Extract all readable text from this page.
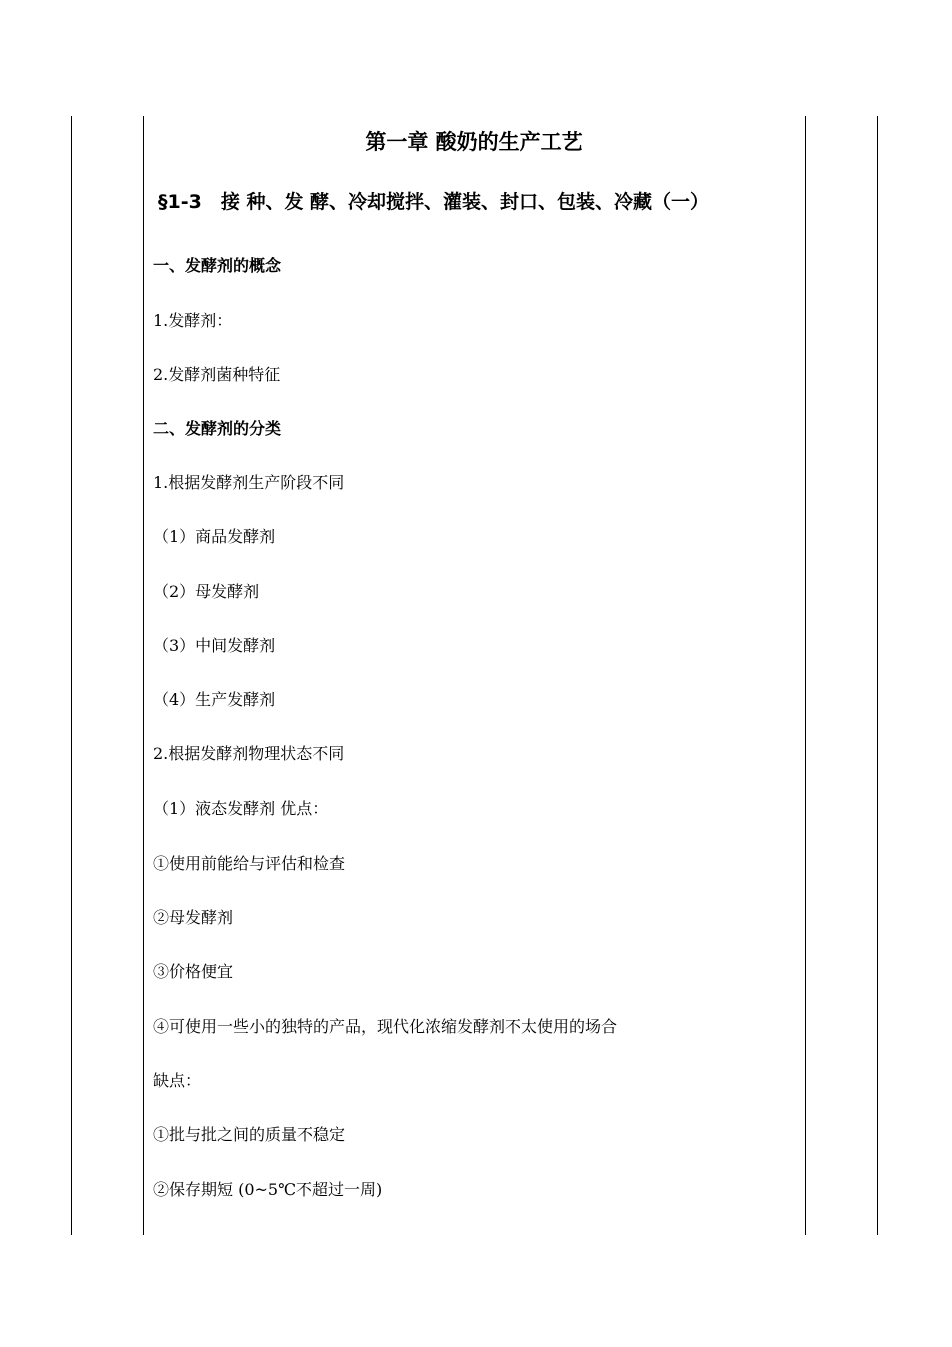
第一章 酸奶的生产工艺
§1-3　接 种、发 酵、冷却搅拌、灌装、封口、包装、冷藏（一）
一、发酵剂的概念
1.发酵剂：
2.发酵剂菌种特征
二、发酵剂的分类
1.根据发酵剂生产阶段不同
（1）商品发酵剂
（2）母发酵剂
（3）中间发酵剂
（4）生产发酵剂
2.根据发酵剂物理状态不同
（1）液态发酵剂 优点：
①使用前能给与评估和检查
②母发酵剂
③价格便宜
④可使用一些小的独特的产品，现代化浓缩发酵剂不太使用的场合
缺点：
①批与批之间的质量不稳定
②保存期短 (0~5℃不超过一周)
